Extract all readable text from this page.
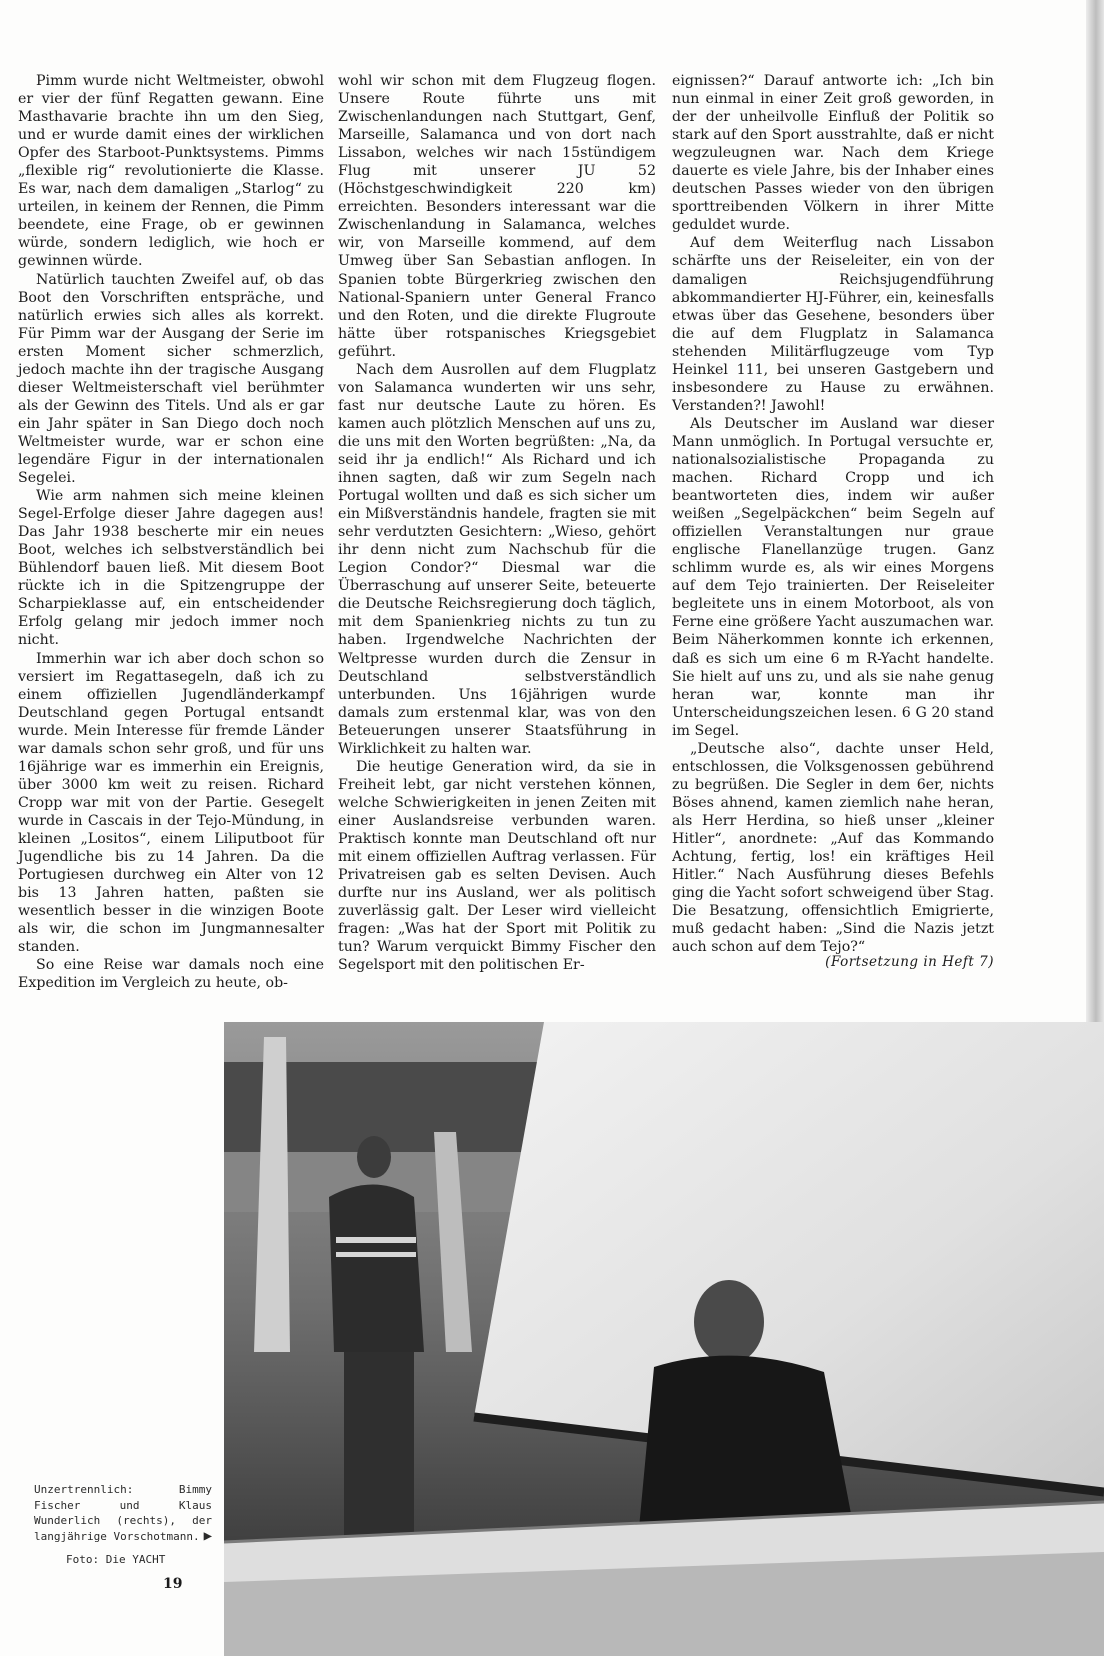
Pimm wurde nicht Weltmeister, obwohl er vier der fünf Regatten gewann. Eine Masthavarie brachte ihn um den Sieg, und er wurde damit eines der wirklichen Opfer des Starboot-Punktsystems. Pimms „flexible rig“ revolutionierte die Klasse. Es war, nach dem damaligen „Starlog“ zu urteilen, in keinem der Rennen, die Pimm beendete, eine Frage, ob er gewinnen würde, sondern lediglich, wie hoch er gewinnen würde.

Natürlich tauchten Zweifel auf, ob das Boot den Vorschriften entspräche, und natürlich erwies sich alles als korrekt. Für Pimm war der Ausgang der Serie im ersten Moment sicher schmerzlich, jedoch machte ihn der tragische Ausgang dieser Weltmeisterschaft viel berühmter als der Gewinn des Titels. Und als er gar ein Jahr später in San Diego doch noch Weltmeister wurde, war er schon eine legendäre Figur in der internationalen Segelei.

Wie arm nahmen sich meine kleinen Segel-Erfolge dieser Jahre dagegen aus! Das Jahr 1938 bescherte mir ein neues Boot, welches ich selbstverständlich bei Bühlendorf bauen ließ. Mit diesem Boot rückte ich in die Spitzengruppe der Scharpieklasse auf, ein entscheidender Erfolg gelang mir jedoch immer noch nicht.

Immerhin war ich aber doch schon so versiert im Regattasegeln, daß ich zu einem offiziellen Jugendländerkampf Deutschland gegen Portugal entsandt wurde. Mein Interesse für fremde Länder war damals schon sehr groß, und für uns 16jährige war es immerhin ein Ereignis, über 3000 km weit zu reisen. Richard Cropp war mit von der Partie. Gesegelt wurde in Cascais in der Tejo-Mündung, in kleinen „Lositos“, einem Liliputboot für Jugendliche bis zu 14 Jahren. Da die Portugiesen durchweg ein Alter von 12 bis 13 Jahren hatten, paßten sie wesentlich besser in die winzigen Boote als wir, die schon im Jungmannesalter standen.

So eine Reise war damals noch eine Expedition im Vergleich zu heute, ob-

wohl wir schon mit dem Flugzeug flogen. Unsere Route führte uns mit Zwischenlandungen nach Stuttgart, Genf, Marseille, Salamanca und von dort nach Lissabon, welches wir nach 15stündigem Flug mit unserer JU 52 (Höchstgeschwindigkeit 220 km) erreichten. Besonders interessant war die Zwischenlandung in Salamanca, welches wir, von Marseille kommend, auf dem Umweg über San Sebastian anflogen. In Spanien tobte Bürgerkrieg zwischen den National-Spaniern unter General Franco und den Roten, und die direkte Flugroute hätte über rotspanisches Kriegsgebiet geführt.

Nach dem Ausrollen auf dem Flugplatz von Salamanca wunderten wir uns sehr, fast nur deutsche Laute zu hören. Es kamen auch plötzlich Menschen auf uns zu, die uns mit den Worten begrüßten: „Na, da seid ihr ja endlich!“ Als Richard und ich ihnen sagten, daß wir zum Segeln nach Portugal wollten und daß es sich sicher um ein Mißverständnis handele, fragten sie mit sehr verdutzten Gesichtern: „Wieso, gehört ihr denn nicht zum Nachschub für die Legion Condor?“ Diesmal war die Überraschung auf unserer Seite, beteuerte die Deutsche Reichsregierung doch täglich, mit dem Spanienkrieg nichts zu tun zu haben. Irgendwelche Nachrichten der Weltpresse wurden durch die Zensur in Deutschland selbstverständlich unterbunden. Uns 16jährigen wurde damals zum erstenmal klar, was von den Beteuerungen unserer Staatsführung in Wirklichkeit zu halten war.

Die heutige Generation wird, da sie in Freiheit lebt, gar nicht verstehen können, welche Schwierigkeiten in jenen Zeiten mit einer Auslandsreise verbunden waren. Praktisch konnte man Deutschland oft nur mit einem offiziellen Auftrag verlassen. Für Privatreisen gab es selten Devisen. Auch durfte nur ins Ausland, wer als politisch zuverlässig galt. Der Leser wird vielleicht fragen: „Was hat der Sport mit Politik zu tun? Warum verquickt Bimmy Fischer den Segelsport mit den politischen Er-

eignissen?“ Darauf antworte ich: „Ich bin nun einmal in einer Zeit groß geworden, in der der unheilvolle Einfluß der Politik so stark auf den Sport ausstrahlte, daß er nicht wegzuleugnen war. Nach dem Kriege dauerte es viele Jahre, bis der Inhaber eines deutschen Passes wieder von den übrigen sporttreibenden Völkern in ihrer Mitte geduldet wurde.

Auf dem Weiterflug nach Lissabon schärfte uns der Reiseleiter, ein von der damaligen Reichsjugendführung abkommandierter HJ-Führer, ein, keinesfalls etwas über das Gesehene, besonders über die auf dem Flugplatz in Salamanca stehenden Militärflugzeuge vom Typ Heinkel 111, bei unseren Gastgebern und insbesondere zu Hause zu erwähnen. Verstanden?! Jawohl!

Als Deutscher im Ausland war dieser Mann unmöglich. In Portugal versuchte er, nationalsozialistische Propaganda zu machen. Richard Cropp und ich beantworteten dies, indem wir außer weißen „Segelpäckchen“ beim Segeln auf offiziellen Veranstaltungen nur graue englische Flanellanzüge trugen. Ganz schlimm wurde es, als wir eines Morgens auf dem Tejo trainierten. Der Reiseleiter begleitete uns in einem Motorboot, als von Ferne eine größere Yacht auszumachen war. Beim Näherkommen konnte ich erkennen, daß es sich um eine 6 m R-Yacht handelte. Sie hielt auf uns zu, und als sie nahe genug heran war, konnte man ihr Unterscheidungszeichen lesen. 6 G 20 stand im Segel.

„Deutsche also“, dachte unser Held, entschlossen, die Volksgenossen gebührend zu begrüßen. Die Segler in dem 6er, nichts Böses ahnend, kamen ziemlich nahe heran, als Herr Herdina, so hieß unser „kleiner Hitler“, anordnete: „Auf das Kommando Achtung, fertig, los! ein kräftiges Heil Hitler.“ Nach Ausführung dieses Befehls ging die Yacht sofort schweigend über Stag. Die Besatzung, offensichtlich Emigrierte, muß gedacht haben: „Sind die Nazis jetzt auch schon auf dem Tejo?“

(Fortsetzung in Heft 7)
Unzertrennlich: Bimmy Fischer und Klaus Wunderlich (rechts), der langjährige Vorschotmann. ▶
Foto: Die YACHT
19
